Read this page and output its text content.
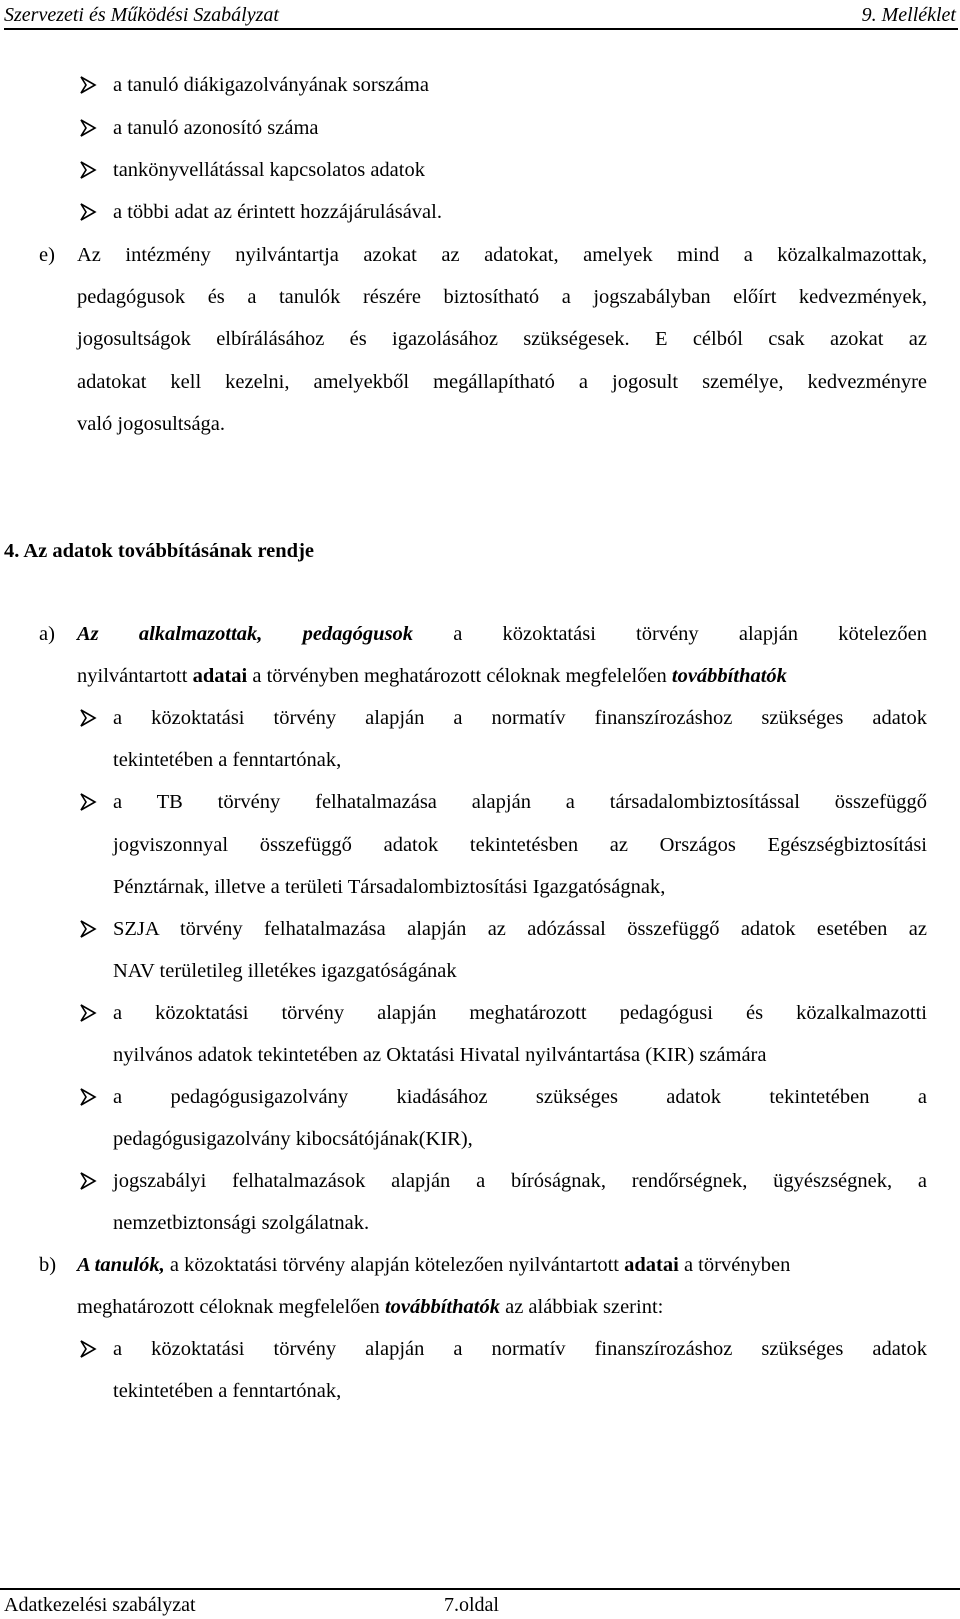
Szervezeti és Működési Szabályzat	9. Melléklet
a tanuló diákigazolványának sorszáma
a tanuló azonosító száma
tankönyvellátással kapcsolatos adatok
a többi adat az érintett hozzájárulásával.
e) Az intézmény nyilvántartja azokat az adatokat, amelyek mind a közalkalmazottak,
pedagógusok és a tanulók részére biztosítható a jogszabályban előírt kedvezmények,
jogosultságok elbírálásához és igazolásához szükségesek. E célból csak azokat az
adatokat kell kezelni, amelyekből megállapítható a jogosult személye, kedvezményre
való jogosultsága.
4. Az adatok továbbításának rendje
a) Az alkalmazottak, pedagógusok a közoktatási törvény alapján kötelezően
nyilvántartott adatai a törvényben meghatározott céloknak megfelelően továbbíthatók
a közoktatási törvény alapján a normatív finanszírozáshoz szükséges adatok
tekintetében a fenntartónak,
a TB törvény felhatalmazása alapján a társadalombiztosítással összefüggő
jogviszonnyal összefüggő adatok tekintetésben az Országos Egészségbiztosítási
Pénztárnak, illetve a területi Társadalombiztosítási Igazgatóságnak,
SZJA törvény felhatalmazása alapján az adózással összefüggő adatok esetében az
NAV területileg illetékes igazgatóságának
a közoktatási törvény alapján meghatározott pedagógusi és közalkalmazotti
nyilvános adatok tekintetében az Oktatási Hivatal nyilvántartása (KIR) számára
a pedagógusigazolvány kiadásához szükséges adatok tekintetében a
pedagógusigazolvány kibocsátójának(KIR),
jogszabályi felhatalmazások alapján a bíróságnak, rendőrségnek, ügyészségnek, a
nemzetbiztonsági szolgálatnak.
b) A tanulók, a közoktatási törvény alapján kötelezően nyilvántartott adatai a törvényben
meghatározott céloknak megfelelően továbbíthatók az alábbiak szerint:
a közoktatási törvény alapján a normatív finanszírozáshoz szükséges adatok
tekintetében a fenntartónak,
Adatkezelési szabályzat	7.oldal
